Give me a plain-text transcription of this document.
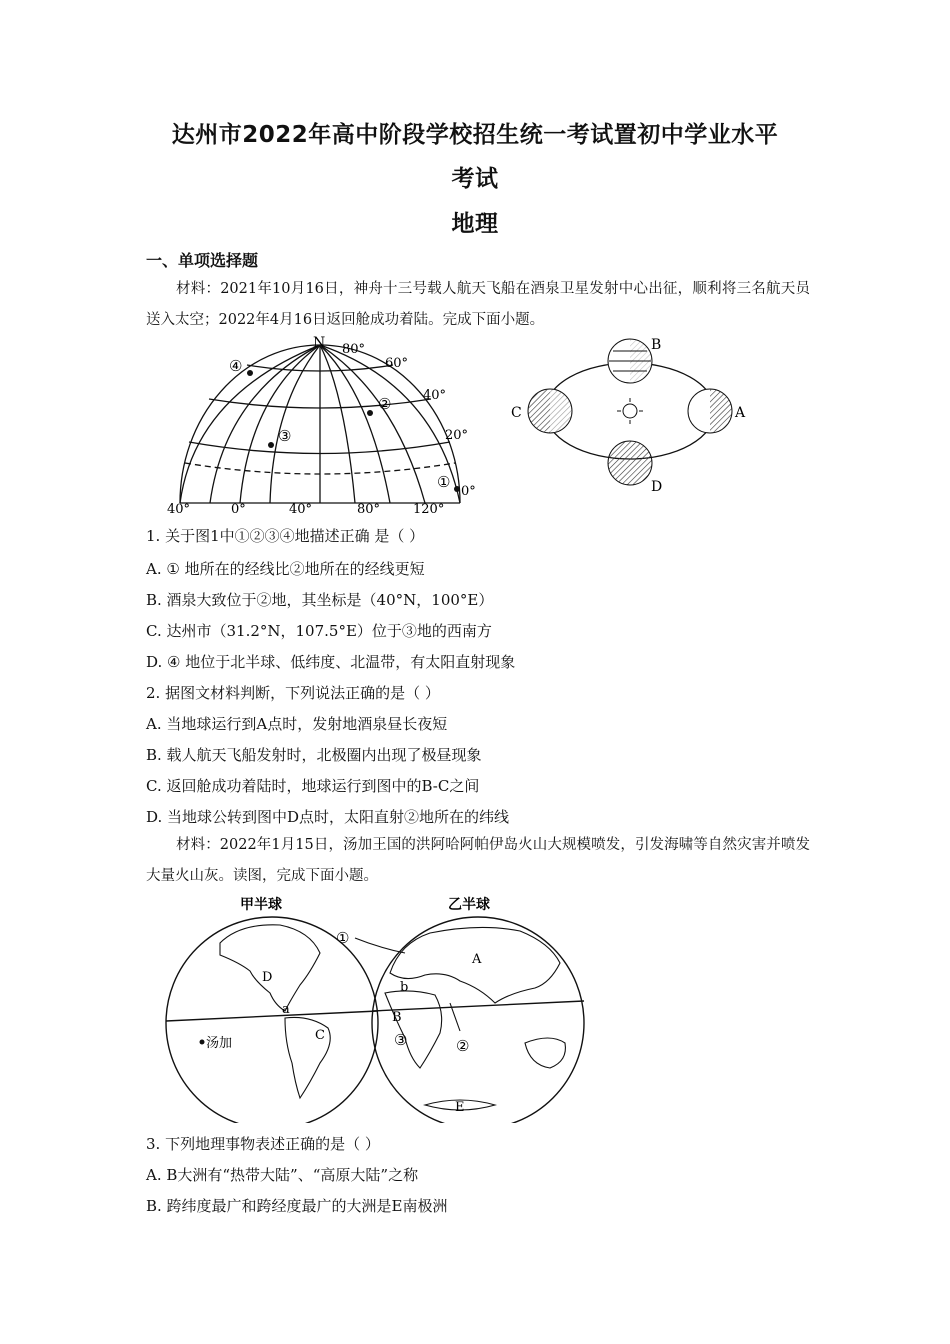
达州市2022年高中阶段学校招生统一考试置初中学业水平
考试
地理
一、单项选择题
材料：2021年10月16日，神舟十三号载人航天飞船在酒泉卫星发射中心出征，顺利将三名航天员送入太空；2022年4月16日返回舱成功着陆。完成下面小题。
N 80°
60°
40°
20°
0°
40°	0°	40°	80°	120°
①
②
③
④
B
C	A
D
1. 关于图1中①②③④地描述正确 是（ ）
A. ① 地所在的经线比②地所在的经线更短
B. 酒泉大致位于②地，其坐标是（40°N，100°E）
C. 达州市（31.2°N，107.5°E）位于③地的西南方
D. ④ 地位于北半球、低纬度、北温带，有太阳直射现象
2. 据图文材料判断，下列说法正确的是（ ）
A. 当地球运行到A点时，发射地酒泉昼长夜短
B. 载人航天飞船发射时，北极圈内出现了极昼现象
C. 返回舱成功着陆时，地球运行到图中的B-C之间
D. 当地球公转到图中D点时，太阳直射②地所在的纬线
材料：2022年1月15日，汤加王国的洪阿哈阿帕伊岛火山大规模喷发，引发海啸等自然灾害并喷发大量火山灰。读图，完成下面小题。
甲半球	乙半球
汤加
D
a
C
A
B
b
E
①
②
③
3. 下列地理事物表述正确的是（ ）
A. B大洲有“热带大陆”、“高原大陆”之称
B. 跨纬度最广和跨经度最广的大洲是E南极洲
